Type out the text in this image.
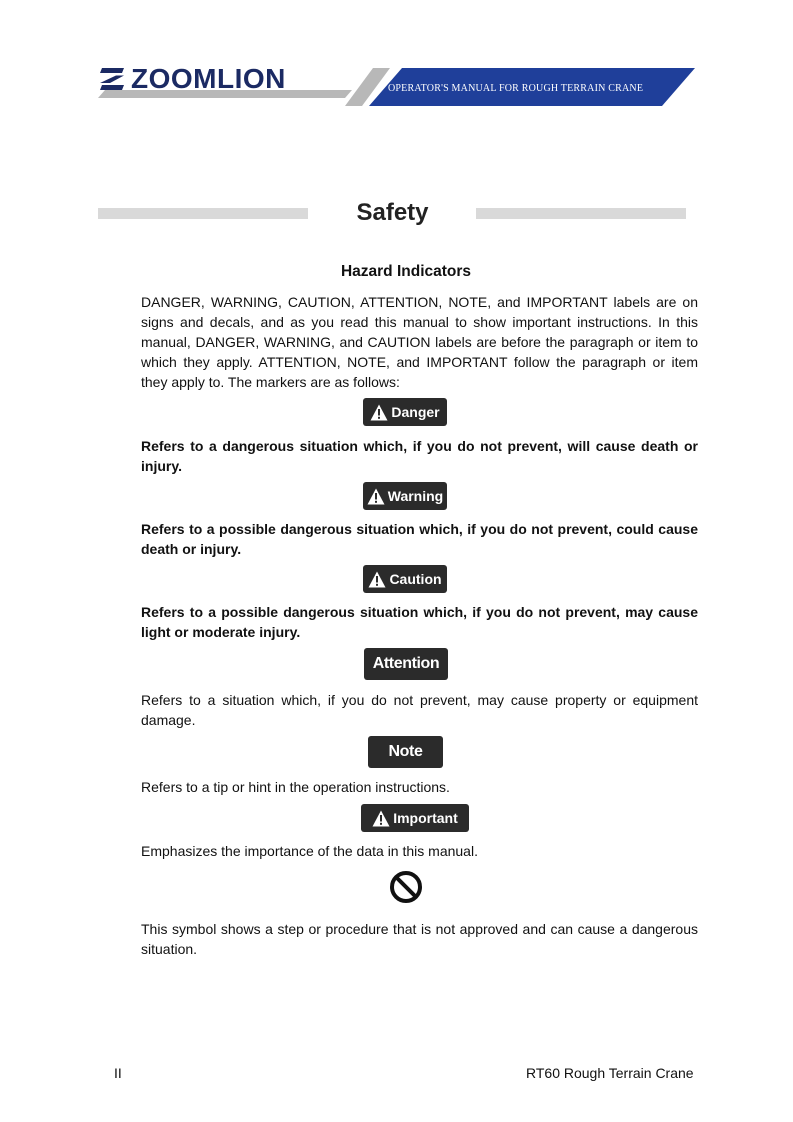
ZOOMLION	OPERATOR'S MANUAL FOR ROUGH TERRAIN CRANE
Safety
Hazard Indicators
DANGER, WARNING, CAUTION, ATTENTION, NOTE, and IMPORTANT labels are on signs and decals, and as you read this manual to show important instructions. In this manual, DANGER, WARNING, and CAUTION labels are before the paragraph or item to which they apply. ATTENTION, NOTE, and IMPORTANT follow the paragraph or item they apply to. The markers are as follows:
Danger
Refers to a dangerous situation which, if you do not prevent, will cause death or injury.
Warning
Refers to a possible dangerous situation which, if you do not prevent, could cause death or injury.
Caution
Refers to a possible dangerous situation which, if you do not prevent, may cause light or moderate injury.
Attention
Refers to a situation which, if you do not prevent, may cause property or equipment damage.
Note
Refers to a tip or hint in the operation instructions.
Important
Emphasizes the importance of the data in this manual.
This symbol shows a step or procedure that is not approved and can cause a dangerous situation.
II	RT60 Rough Terrain Crane
